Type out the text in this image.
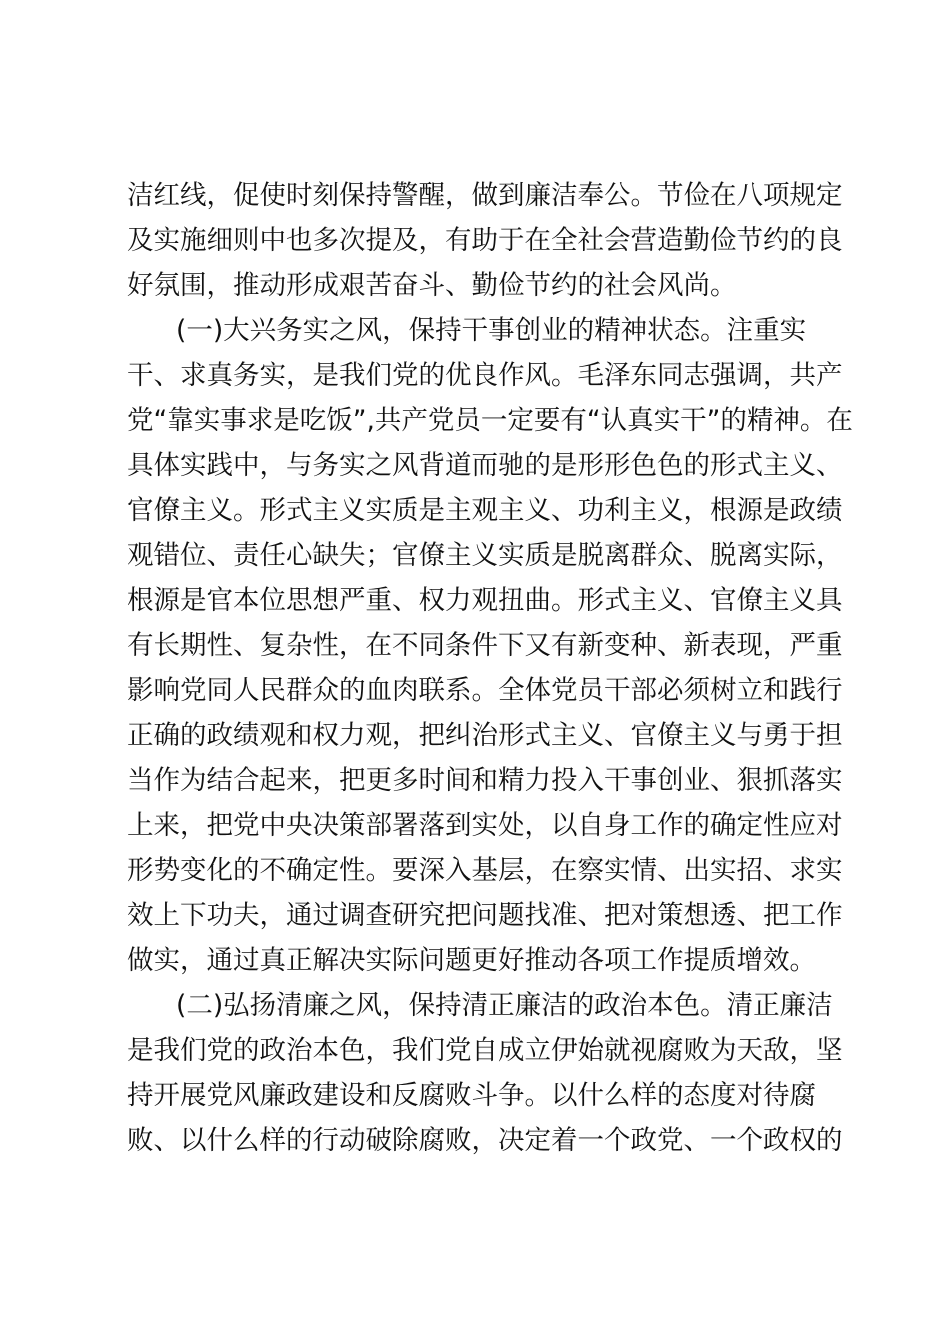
洁红线，促使时刻保持警醒，做到廉洁奉公。节俭在八项规定
及实施细则中也多次提及，有助于在全社会营造勤俭节约的良
好氛围，推动形成艰苦奋斗、勤俭节约的社会风尚。
(一)大兴务实之风，保持干事创业的精神状态。注重实
干、求真务实，是我们党的优良作风。毛泽东同志强调，共产
党“靠实事求是吃饭”,共产党员一定要有“认真实干”的精神。在
具体实践中，与务实之风背道而驰的是形形色色的形式主义、
官僚主义。形式主义实质是主观主义、功利主义，根源是政绩
观错位、责任心缺失；官僚主义实质是脱离群众、脱离实际，
根源是官本位思想严重、权力观扭曲。形式主义、官僚主义具
有长期性、复杂性，在不同条件下又有新变种、新表现，严重
影响党同人民群众的血肉联系。全体党员干部必须树立和践行
正确的政绩观和权力观，把纠治形式主义、官僚主义与勇于担
当作为结合起来，把更多时间和精力投入干事创业、狠抓落实
上来，把党中央决策部署落到实处，以自身工作的确定性应对
形势变化的不确定性。要深入基层，在察实情、出实招、求实
效上下功夫，通过调查研究把问题找准、把对策想透、把工作
做实，通过真正解决实际问题更好推动各项工作提质增效。
(二)弘扬清廉之风，保持清正廉洁的政治本色。清正廉洁
是我们党的政治本色，我们党自成立伊始就视腐败为天敌，坚
持开展党风廉政建设和反腐败斗争。以什么样的态度对待腐
败、以什么样的行动破除腐败，决定着一个政党、一个政权的
